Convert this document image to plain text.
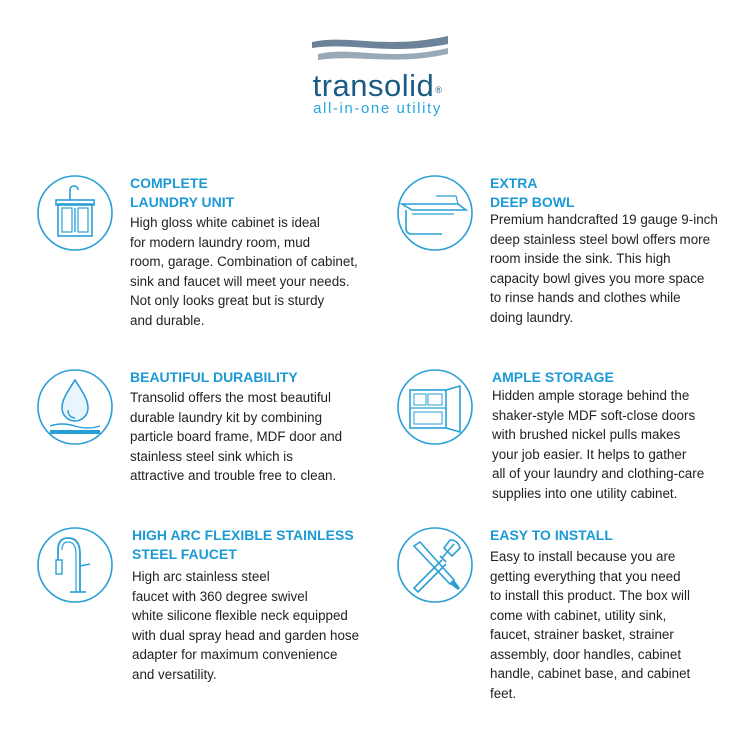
transolid®
all-in-one utility
COMPLETE
LAUNDRY UNIT
High gloss white cabinet is ideal
for modern laundry room, mud
room, garage. Combination of cabinet,
sink and faucet will meet your needs.
Not only looks great but is sturdy
and durable.
EXTRA
DEEP BOWL
Premium handcrafted 19 gauge 9-inch
deep stainless steel bowl offers more
room inside the sink. This high
capacity bowl gives you more space
to rinse hands and clothes while
doing laundry.
BEAUTIFUL DURABILITY
Transolid offers the most beautiful
durable laundry kit by combining
particle board frame, MDF door and
stainless steel sink which is
attractive and trouble free to clean.
AMPLE STORAGE
Hidden ample storage behind the
shaker-style MDF soft-close doors
with brushed nickel pulls makes
your job easier. It helps to gather
all of your laundry and clothing-care
supplies into one utility cabinet.
HIGH ARC FLEXIBLE STAINLESS
STEEL FAUCET
High arc stainless steel
faucet with 360 degree swivel
white silicone flexible neck equipped
with dual spray head and garden hose
adapter for maximum convenience
and versatility.
EASY TO INSTALL
Easy to install because you are
getting everything that you need
to install this product. The box will
come with cabinet, utility sink,
faucet, strainer basket, strainer
assembly, door handles, cabinet
handle, cabinet base, and cabinet
feet.
